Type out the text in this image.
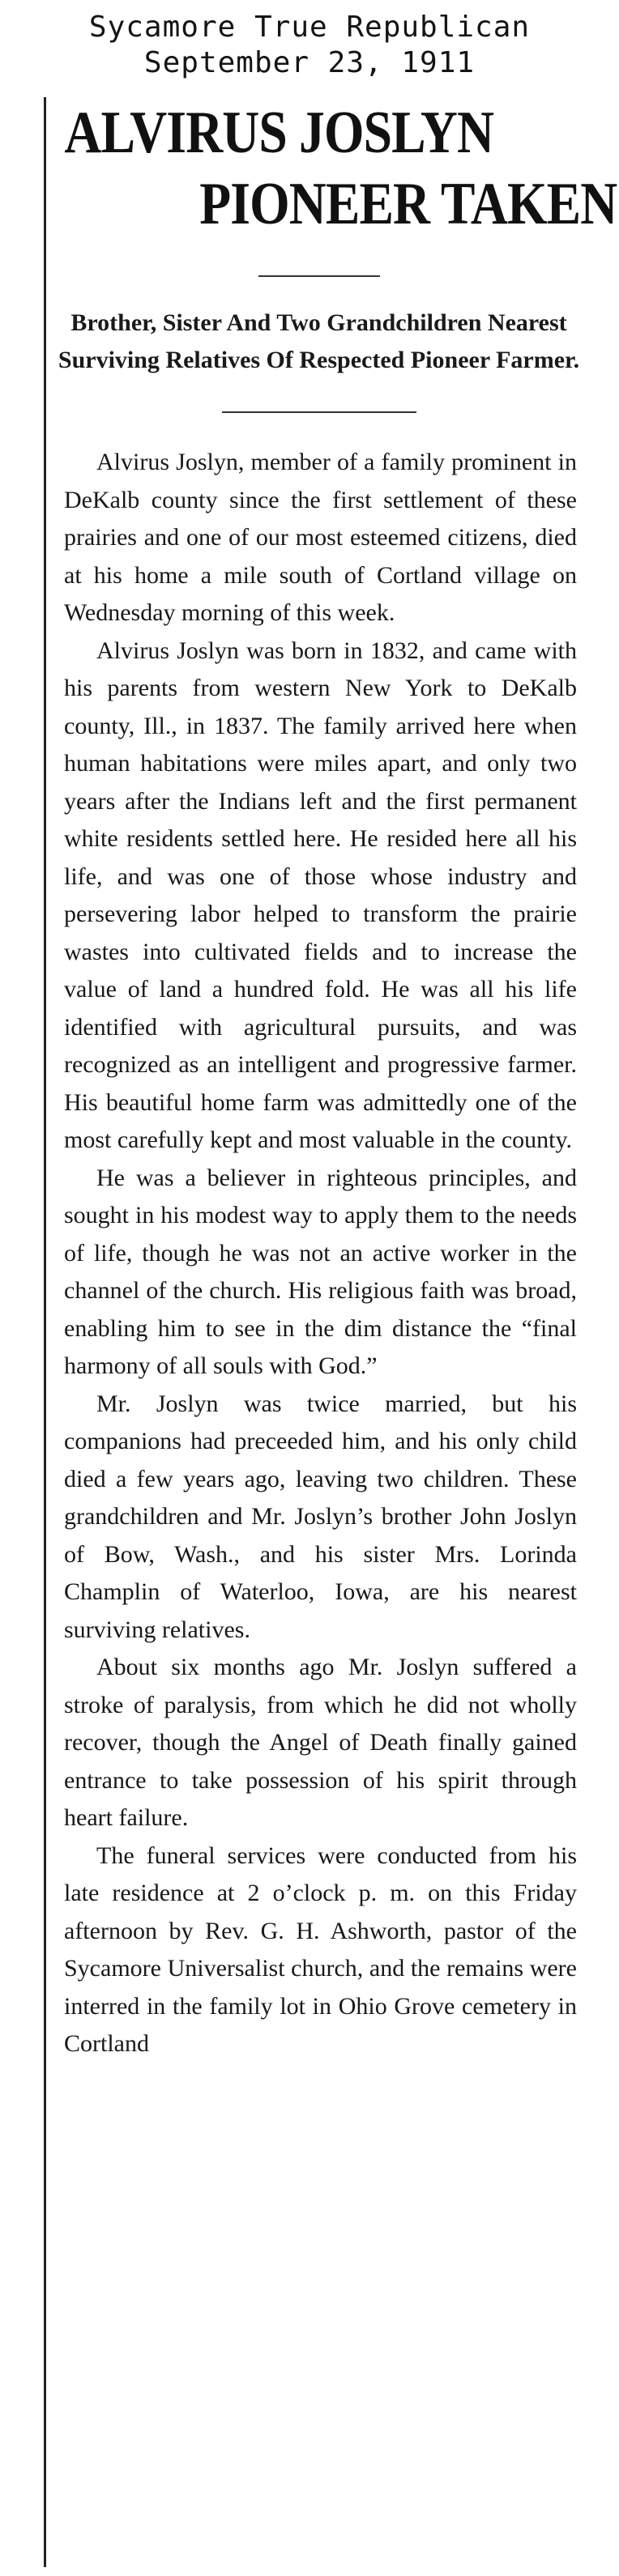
Sycamore True Republican
September 23, 1911
ALVIRUS JOSLYN
PIONEER TAKEN
Brother, Sister And Two Grandchildren Nearest Surviving Relatives Of Respected Pioneer Farmer.

Alvirus Joslyn, member of a family prominent in DeKalb county since the first settlement of these prairies and one of our most esteemed citizens, died at his home a mile south of Cortland village on Wednesday morning of this week.

Alvirus Joslyn was born in 1832, and came with his parents from western New York to DeKalb county, Ill., in 1837. The family arrived here when human habitations were miles apart, and only two years after the Indians left and the first permanent white residents settled here. He resided here all his life, and was one of those whose industry and persevering labor helped to transform the prairie wastes into cultivated fields and to increase the value of land a hundred fold. He was all his life identified with agricultural pursuits, and was recognized as an intelligent and progressive farmer. His beautiful home farm was admittedly one of the most carefully kept and most valuable in the county.

He was a believer in righteous principles, and sought in his modest way to apply them to the needs of life, though he was not an active worker in the channel of the church. His religious faith was broad, enabling him to see in the dim distance the “final harmony of all souls with God.”

Mr. Joslyn was twice married, but his companions had preceeded him, and his only child died a few years ago, leaving two children. These grandchildren and Mr. Joslyn’s brother John Joslyn of Bow, Wash., and his sister Mrs. Lorinda Champlin of Waterloo, Iowa, are his nearest surviving relatives.

About six months ago Mr. Joslyn suffered a stroke of paralysis, from which he did not wholly recover, though the Angel of Death finally gained entrance to take possession of his spirit through heart failure.

The funeral services were conducted from his late residence at 2 o’clock p. m. on this Friday afternoon by Rev. G. H. Ashworth, pastor of the Sycamore Universalist church, and the remains were interred in the family lot in Ohio Grove cemetery in Cortland
